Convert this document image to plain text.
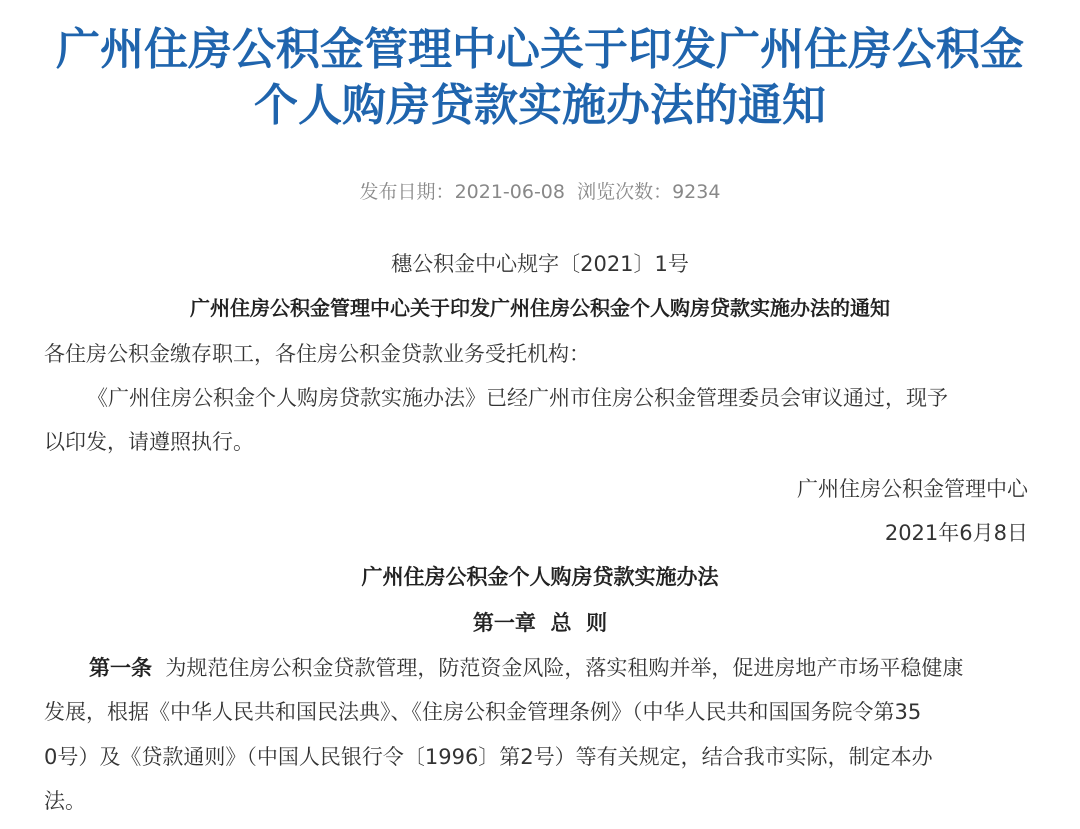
广州住房公积金管理中心关于印发广州住房公积金
个人购房贷款实施办法的通知
发布日期：2021-06-08 浏览次数：9234
穗公积金中心规字〔2021〕1号
广州住房公积金管理中心关于印发广州住房公积金个人购房贷款实施办法的通知
各住房公积金缴存职工，各住房公积金贷款业务受托机构：
《广州住房公积金个人购房贷款实施办法》已经广州市住房公积金管理委员会审议通过，现予
以印发，请遵照执行。
广州住房公积金管理中心
2021年6月8日
广州住房公积金个人购房贷款实施办法
第一章  总  则
第一条 为规范住房公积金贷款管理，防范资金风险，落实租购并举，促进房地产市场平稳健康
发展，根据《中华人民共和国民法典》、《住房公积金管理条例》（中华人民共和国国务院令第35
0号）及《贷款通则》（中国人民银行令〔1996〕第2号）等有关规定，结合我市实际，制定本办
法。
